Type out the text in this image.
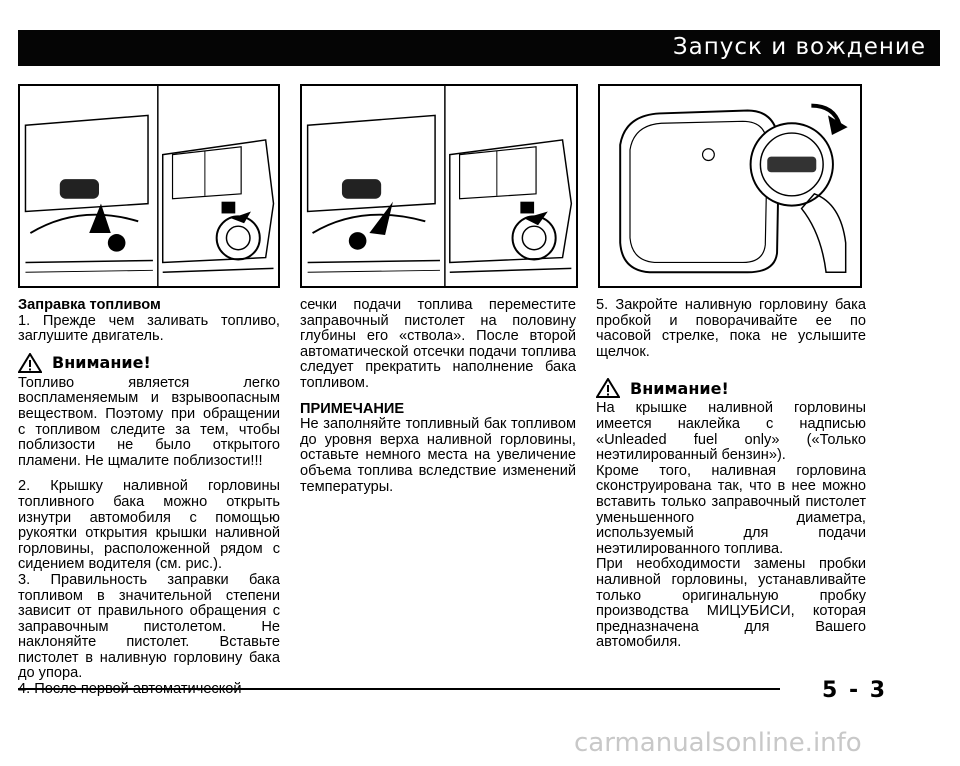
Запуск и вождение

Заправка топливом

1. Прежде чем заливать топливо, заглушите двигатель.

Внимание!

Топливо является легко воспламеняемым и взрывоопасным веществом. Поэтому при обращении с топливом следите за тем, чтобы поблизости не было открытого пламени. Не щмалите поблизости!!!

2. Крышку наливной горловины топливного бака можно открыть изнутри автомобиля с помощью рукоятки открытия крышки наливной горловины, расположенной рядом с сидением водителя (см. рис.).

3. Правильность заправки бака топливом в значительной степени зависит от правильного обращения с заправочным пистолетом. Не наклоняйте пистолет. Вставьте пистолет в наливную горловину бака до упора.

сечки подачи топлива переместите заправочный пистолет на половину глубины его «ствола». После второй автоматической отсечки подачи топлива следует прекратить наполнение бака топливом.

ПРИМЕЧАНИЕ

Не заполняйте топливный бак топливом до уровня верха наливной горловины, оставьте немного места на увеличение объема топлива вследствие изменений температуры.

5. Закройте наливную горловину бака пробкой и поворачивайте ее по часовой стрелке, пока не услышите щелчок.

Внимание!

На крышке наливной горловины имеется наклейка с надписью «Unleaded fuel only» («Только неэтилированный бензин»).

Кроме того, наливная горловина сконструирована так, что в нее можно вставить только заправочный пистолет уменьшенного диаметра, используемый для подачи неэтилированного топлива.

При необходимости замены пробки наливной горловины, устанавливайте только оригинальную пробку производства МИЦУБИСИ, которая предназначена для Вашего автомобиля.

5 - 3
carmanualsonline.info
